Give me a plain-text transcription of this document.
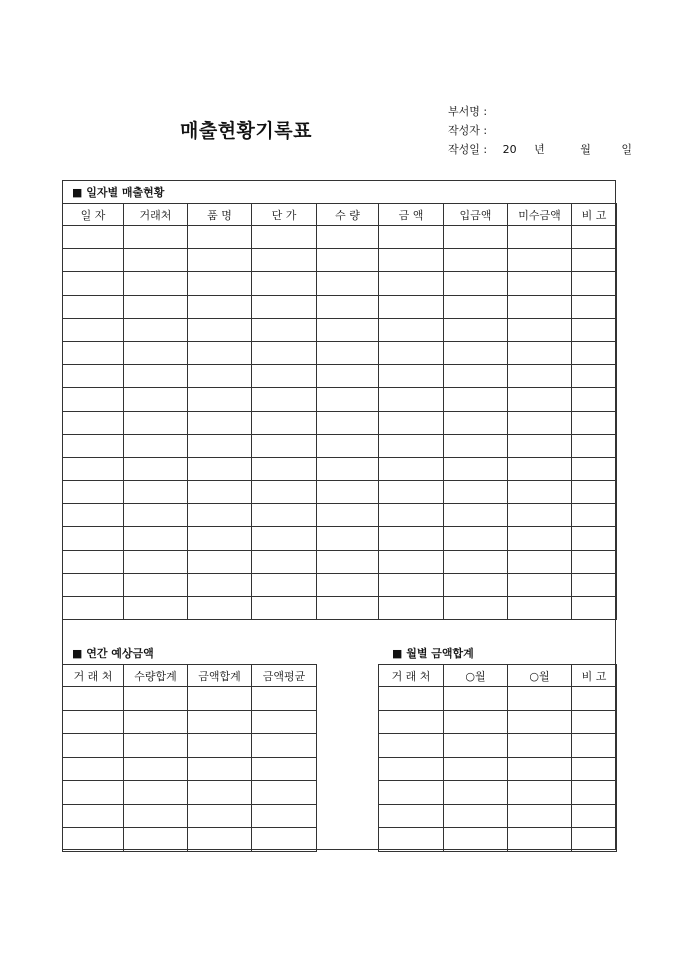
매출현황기록표
부서명 :
작성자 :
작성일 : 20 년	월	일
■ 일자별 매출현황
일 자	거래처	품 명	단 가	수 량	금 액	입금액	미수금액	비 고

■ 연간 예상금액
거 래 처	수량합계	금액합계	금액평균

■ 월별 금액합계
거 래 처	○월	○월	비 고
